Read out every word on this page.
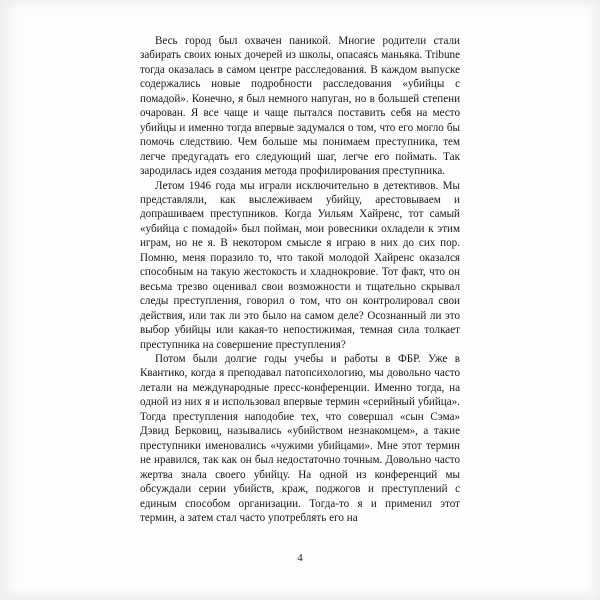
Весь город был охвачен паникой. Многие родители стали забирать своих юных дочерей из школы, опасаясь маньяка. Tribune тогда оказалась в самом центре расследования. В каждом выпуске содержались новые подробности расследования «убийцы с помадой». Конечно, я был немного напуган, но в большей степени очарован. Я все чаще и чаще пытался поставить себя на место убийцы и именно тогда впервые задумался о том, что его могло бы помочь следствию. Чем больше мы понимаем преступника, тем легче предугадать его следующий шаг, легче его поймать. Так зародилась идея создания метода профилирования преступника.

Летом 1946 года мы играли исключительно в детективов. Мы представляли, как выслеживаем убийцу, арестовываем и допрашиваем преступников. Когда Уильям Хайренс, тот самый «убийца с помадой» был пойман, мои ровесники охладели к этим играм, но не я. В некотором смысле я играю в них до сих пор. Помню, меня поразило то, что такой молодой Хайренс оказался способным на такую жестокость и хладнокровие. Тот факт, что он весьма трезво оценивал свои возможности и тщательно скрывал следы преступления, говорил о том, что он контролировал свои действия, или так ли это было на самом деле? Осознанный ли это выбор убийцы или какая-то непостижимая, темная сила толкает преступника на совершение преступления?

Потом были долгие годы учебы и работы в ФБР. Уже в Квантико, когда я преподавал патопсихологию, мы довольно часто летали на международные пресс-конференции. Именно тогда, на одной из них я и использовал впервые термин «серийный убийца». Тогда преступления наподобие тех, что совершал «сын Сэма» Дэвид Берковиц, назывались «убийством незнакомцем», а такие преступники именовались «чужими убийцами». Мне этот термин не нравился, так как он был недостаточно точным. Довольно часто жертва знала своего убийцу. На одной из конференций мы обсуждали серии убийств, краж, поджогов и преступлений с единым способом организации. Тогда-то я и применил этот термин, а затем стал часто употреблять его на

4
